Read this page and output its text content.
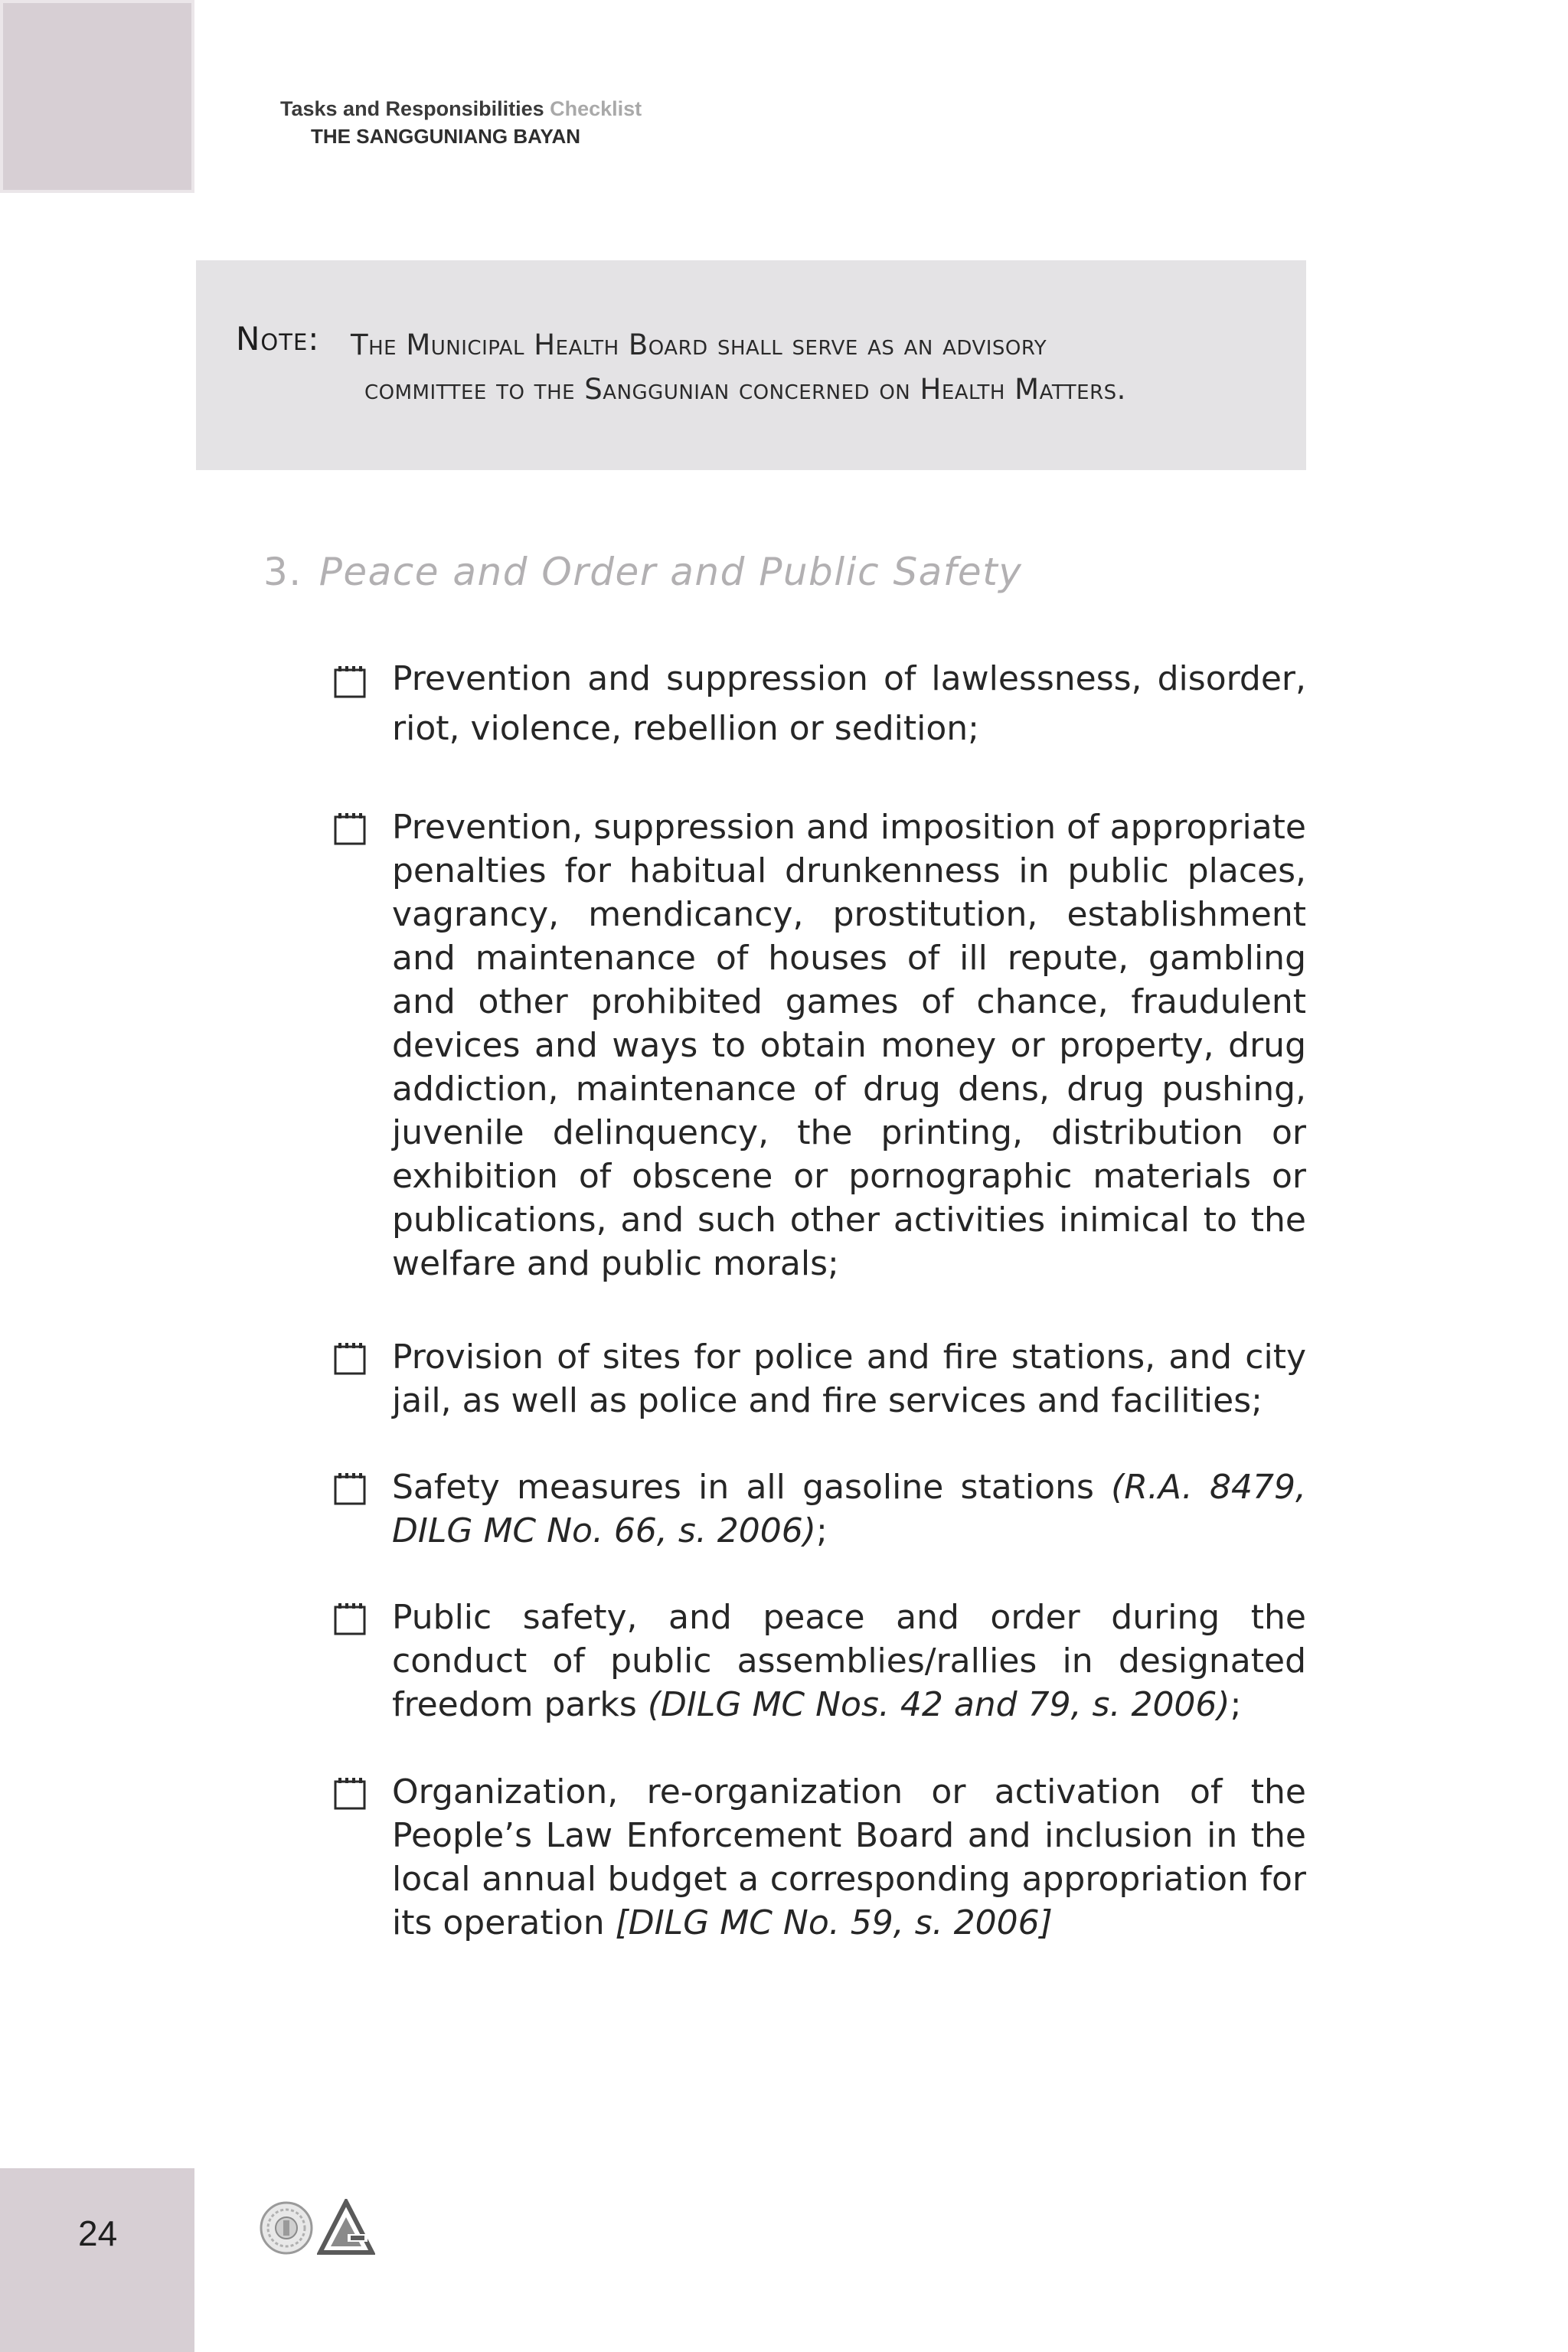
Tasks and Responsibilities Checklist
THE SANGGUNIANG BAYAN
Note: The Municipal Health Board shall serve as an advisory
committee to the Sanggunian concerned on Health Matters.
3. Peace and Order and Public Safety
Prevention and suppression of lawlessness, disorder, riot, violence, rebellion or sedition;
Prevention, suppression and imposition of appropriate penalties for habitual drunkenness in public places, vagrancy, mendicancy, prostitution, establishment and maintenance of houses of ill repute, gambling and other prohibited games of chance, fraudulent devices and ways to obtain money or property, drug addiction, maintenance of drug dens, drug pushing, juvenile delinquency, the printing, distribution or exhibition of obscene or pornographic materials or publications, and such other activities inimical to the welfare and public morals;
Provision of sites for police and fire stations, and city jail, as well as police and fire services and facilities;
Safety measures in all gasoline stations (R.A. 8479, DILG MC No. 66, s. 2006);
Public safety, and peace and order during the conduct of public assemblies/rallies in designated freedom parks (DILG MC Nos. 42 and 79, s. 2006);
Organization, re-organization or activation of the People’s Law Enforcement Board and inclusion in the local annual budget a corresponding appropriation for its operation [DILG MC No. 59, s. 2006]
24
